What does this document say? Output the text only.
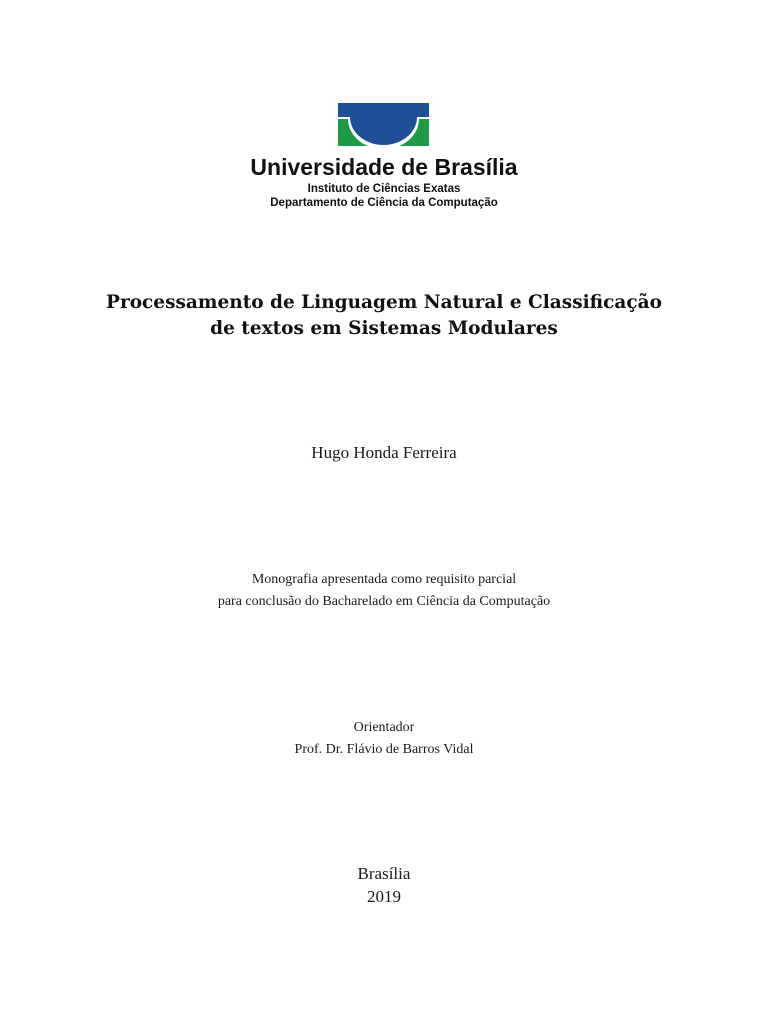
Universidade de Brasília
Instituto de Ciências Exatas
Departamento de Ciência da Computação
Processamento de Linguagem Natural e Classificação
de textos em Sistemas Modulares
Hugo Honda Ferreira
Monografia apresentada como requisito parcial
para conclusão do Bacharelado em Ciência da Computação
Orientador
Prof. Dr. Flávio de Barros Vidal
Brasília
2019
